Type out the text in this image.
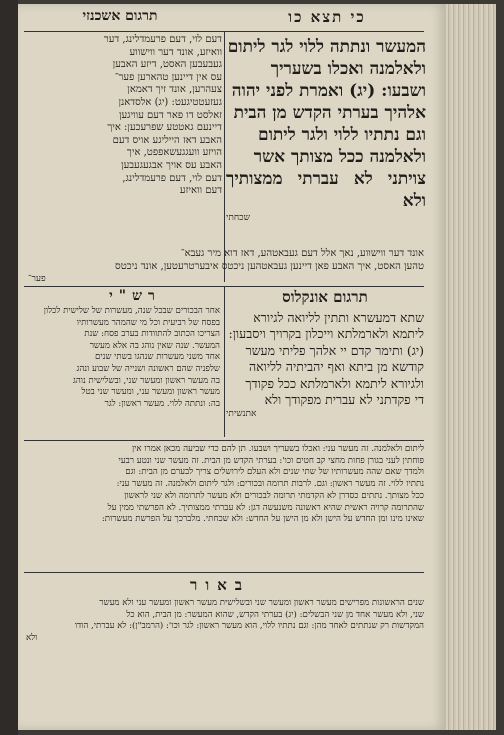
כי תצא כו
תרגום אשכנזי
המעשר ונתתה ללוי לגר ליתום
ולאלמנה ואכלו בשעריך
ושבעו: (יג) ואמרת לפני יהוה
אלהיך בערתי הקדש מן הבית
וגם נתתיו ללוי ולגר ליתום
ולאלמנה ככל מצותך אשר
צויתני לא עברתי ממצותיך ולא
שכחתי
דעם לוי, דעם פרעמדלינג, דער
וואיזע, אונד דער ווישווע
געבעבען האסט, דיזע האבען
עס אין דיינען טהארען פער־
צעהרען, אונד זיך דאמאן
געזעטטיגעט: (יג) אלסדאנן
זאלסט דו פאר דעם עוויגען
דיינעם גאטטע שפרעכען: איך
האבע דאז הייליגע אויס דעם
הויזע וועגגעשאפפט, איך
האבע עס אויך אבגעגעבען
דעם לוי, דעם פרעמדלינג,
דעם וואיזע
אונד דער ווישווע, נאך אלל דעם געבאטהע, דאז דוא מיר געבא־
טהען האסט, איך האבע פאן דיינען געבאטהען ניכטס איבערטרעטען, אונד ניכטס
פער־
תרגום אונקלוס
שתא דמעשרא ותתין לליואה לגיורא
ליתמא ולארמלתא וייכלון בקרויך ויסבעון:
(יג) ותימר קדם יי אלהך פליתי מעשר
קודשא מן ביתא ואף יהביתיה לליואה
ולגיורא ליתמא ולארמלתא ככל פקודך
די פקדתני לא עברית מפקודך ולא
אתנשיתי
רש"י
אחר הבכורים שבכל שנה, מעשרות של שלישית לכלון
בפסח של רביעית וכל מי שהמהר מעשרותיו
הצריכו הכתוב להתוודות בערב פסח: שנת
המעשר. שנה שאין נוהג בה אלא מעשר
אחד משני מעשרות שנהגו בשתי שנים
שלפניה שהם ראשונה ושנייה של שבוע ונהג
בה מעשר ראשון ומעשר שני, ובשלישית נוהג
מעשר ראשון ומעשר עני, ומעשר שני בטל
בה: ונתתה ללוי. מעשר ראשון: לגר
ליתום ולאלמנה. זה מעשר עני: ואכלו בשעריך ושבעו. תן להם כדי שביעה מכאן אמרו אין
פוחתין לעני בגורן פחות מחצי קב חטים וכו': בערתי הקדש מן הבית. זה מעשר שני ונטע רבעי
ולמדך שאם שהה מעשרותיו של שתי שנים ולא העלם לירושלים צריך לבערם מן הבית: וגם
נתתיו ללוי. זה מעשר ראשון: וגם. לרבות תרומה ובכורים: ולגר ליתום ולאלמנה. זה מעשר עני:
ככל מצותך. נתתים כסדרן לא הקדמתי תרומה לבכורים ולא מעשר לתרומה ולא שני לראשון
שהתרומה קרויה ראשית שהיא ראשונה משנעשה דגן: לא עברתי ממצותיך. לא הפרשתי ממין על
שאינו מינו ומן החדש על הישן ולא מן הישן על החדש: ולא שכחתי. מלברכך על הפרשת מעשרות:
באור
שנים הראשונות מפרישים מעשר ראשון ומעשר שני ובשלישית מעשר ראשון ומעשר עני ולא מעשר
שני, ולא מעשר אחד מן שני הבשלים: (יג) בערתי הקדש, שהוא המעשר: מן הבית, הוא כל
המקדשות רק שנתתים לאחד מהן: וגם נתתיו ללוי, הוא מעשר ראשון: לגר וכו': (הרמב"ן): לא עברתי, הודו
ולא
